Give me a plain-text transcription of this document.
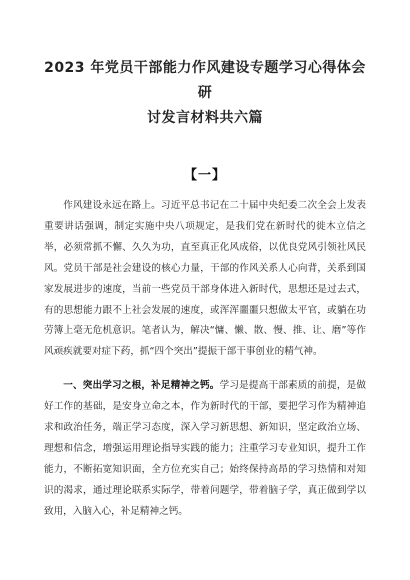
2023 年党员干部能力作风建设专题学习心得体会研
讨发言材料共六篇
【一】

作风建设永远在路上。习近平总书记在二十届中央纪委二次全会上发表重要讲话强调，制定实施中央八项规定，是我们党在新时代的徙木立信之举，必须常抓不懈、久久为功，直至真正化风成俗，以优良党风引领社风民风。党员干部是社会建设的核心力量，干部的作风关系人心向背，关系到国家发展进步的速度，当前一些党员干部身体进入新时代，思想还是过去式，有的思想能力跟不上社会发展的速度，或浑浑噩噩只想做太平官，或躺在功劳簿上毫无危机意识。笔者认为，解决“慵、懒、散、慢、推、让、磨”等作风顽疾就要对症下药，抓“四个突出”提振干部干事创业的精气神。

一、突出学习之根，补足精神之钙。学习是提高干部素质的前提，是做好工作的基础，是安身立命之本，作为新时代的干部，要把学习作为精神追求和政治任务，端正学习态度，深入学习新思想、新知识，坚定政治立场、理想和信念，增强运用理论指导实践的能力；注重学习专业知识，提升工作能力，不断拓宽知识面，全方位充实自己；始终保持高昂的学习热情和对知识的渴求，通过理论联系实际学，带着问题学，带着脑子学，真正做到学以致用，入脑入心，补足精神之钙。
